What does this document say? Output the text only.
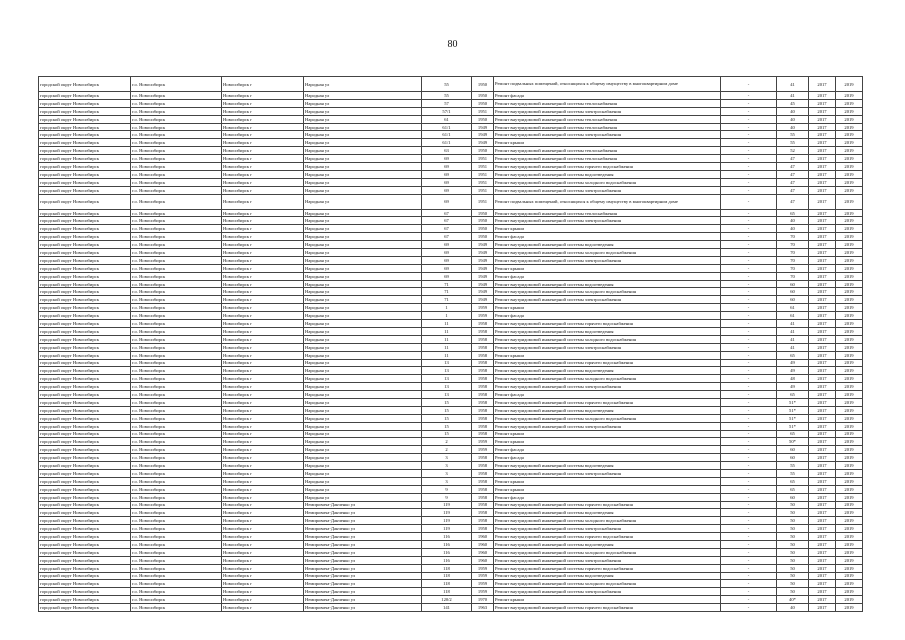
80
городской округ Новосибирск	г.о. Новосибирск	Новосибирск г	Народная ул	55	1950	Ремонт подвальных помещений, относящихся к общему имуществу в многоквартирном доме	-	41	2017	2019
городской округ Новосибирск	г.о. Новосибирск	Новосибирск г	Народная ул	55	1950	Ремонт фасада	-	41	2017	2019
городской округ Новосибирск	г.о. Новосибирск	Новосибирск г	Народная ул	57	1950	Ремонт внутридомовой инженерной системы теплоснабжения	-	45	2017	2019
городской округ Новосибирск	г.о. Новосибирск	Новосибирск г	Народная ул	57/1	1951	Ремонт внутридомовой инженерной системы электроснабжения	-	40	2017	2019
городской округ Новосибирск	г.о. Новосибирск	Новосибирск г	Народная ул	61	1950	Ремонт внутридомовой инженерной системы теплоснабжения	-	40	2017	2019
городской округ Новосибирск	г.о. Новосибирск	Новосибирск г	Народная ул	61/1	1949	Ремонт внутридомовой инженерной системы теплоснабжения	-	40	2017	2019
городской округ Новосибирск	г.о. Новосибирск	Новосибирск г	Народная ул	61/1	1949	Ремонт внутридомовой инженерной системы электроснабжения	-	55	2017	2019
городской округ Новосибирск	г.о. Новосибирск	Новосибирск г	Народная ул	61/1	1949	Ремонт крыши	-	55	2017	2019
городской округ Новосибирск	г.о. Новосибирск	Новосибирск г	Народная ул	63	1950	Ремонт внутридомовой инженерной системы теплоснабжения	-	52	2017	2019
городской округ Новосибирск	г.о. Новосибирск	Новосибирск г	Народная ул	69	1951	Ремонт внутридомовой инженерной системы теплоснабжения	-	47	2017	2019
городской округ Новосибирск	г.о. Новосибирск	Новосибирск г	Народная ул	69	1951	Ремонт внутридомовой инженерной системы горячего водоснабжения	-	47	2017	2019
городской округ Новосибирск	г.о. Новосибирск	Новосибирск г	Народная ул	69	1951	Ремонт внутридомовой инженерной системы водоотведения	-	47	2017	2019
городской округ Новосибирск	г.о. Новосибирск	Новосибирск г	Народная ул	69	1951	Ремонт внутридомовой инженерной системы холодного водоснабжения	-	47	2017	2019
городской округ Новосибирск	г.о. Новосибирск	Новосибирск г	Народная ул	69	1951	Ремонт внутридомовой инженерной системы электроснабжения	-	47	2017	2019
городской округ Новосибирск	г.о. Новосибирск	Новосибирск г	Народная ул	69	1951	Ремонт подвальных помещений, относящихся к общему имуществу в многоквартирном доме	-	47	2017	2019
городской округ Новосибирск	г.о. Новосибирск	Новосибирск г	Народная ул	67	1950	Ремонт внутридомовой инженерной системы теплоснабжения	-	65	2017	2019
городской округ Новосибирск	г.о. Новосибирск	Новосибирск г	Народная ул	67	1950	Ремонт внутридомовой инженерной системы электроснабжения	-	40	2017	2019
городской округ Новосибирск	г.о. Новосибирск	Новосибирск г	Народная ул	67	1950	Ремонт крыши	-	40	2017	2019
городской округ Новосибирск	г.о. Новосибирск	Новосибирск г	Народная ул	67	1950	Ремонт фасада	-	70	2017	2019
городской округ Новосибирск	г.о. Новосибирск	Новосибирск г	Народная ул	69	1949	Ремонт внутридомовой инженерной системы водоотведения	-	70	2017	2019
городской округ Новосибирск	г.о. Новосибирск	Новосибирск г	Народная ул	69	1949	Ремонт внутридомовой инженерной системы холодного водоснабжения	-	70	2017	2019
городской округ Новосибирск	г.о. Новосибирск	Новосибирск г	Народная ул	69	1949	Ремонт внутридомовой инженерной системы электроснабжения	-	70	2017	2019
городской округ Новосибирск	г.о. Новосибирск	Новосибирск г	Народная ул	69	1949	Ремонт крыши	-	70	2017	2019
городской округ Новосибирск	г.о. Новосибирск	Новосибирск г	Народная ул	69	1949	Ремонт фасада	-	70	2017	2019
городской округ Новосибирск	г.о. Новосибирск	Новосибирск г	Народная ул	71	1949	Ремонт внутридомовой инженерной системы водоотведения	-	60	2017	2019
городской округ Новосибирск	г.о. Новосибирск	Новосибирск г	Народная ул	71	1949	Ремонт внутридомовой инженерной системы холодного водоснабжения	-	60	2017	2019
городской округ Новосибирск	г.о. Новосибирск	Новосибирск г	Народная ул	71	1949	Ремонт внутридомовой инженерной системы электроснабжения	-	60	2017	2019
городской округ Новосибирск	г.о. Новосибирск	Новосибирск г	Народная ул	1	1959	Ремонт крыши	-	61	2017	2019
городской округ Новосибирск	г.о. Новосибирск	Новосибирск г	Народная ул	1	1959	Ремонт фасада	-	61	2017	2019
городской округ Новосибирск	г.о. Новосибирск	Новосибирск г	Народная ул	11	1958	Ремонт внутридомовой инженерной системы горячего водоснабжения	-	41	2017	2019
городской округ Новосибирск	г.о. Новосибирск	Новосибирск г	Народная ул	11	1958	Ремонт внутридомовой инженерной системы водоотведения	-	41	2017	2019
городской округ Новосибирск	г.о. Новосибирск	Новосибирск г	Народная ул	11	1958	Ремонт внутридомовой инженерной системы холодного водоснабжения	-	41	2017	2019
городской округ Новосибирск	г.о. Новосибирск	Новосибирск г	Народная ул	11	1958	Ремонт внутридомовой инженерной системы электроснабжения	-	41	2017	2019
городской округ Новосибирск	г.о. Новосибирск	Новосибирск г	Народная ул	11	1958	Ремонт крыши	-	65	2017	2019
городской округ Новосибирск	г.о. Новосибирск	Новосибирск г	Народная ул	13	1958	Ремонт внутридомовой инженерной системы горячего водоснабжения	-	49	2017	2019
городской округ Новосибирск	г.о. Новосибирск	Новосибирск г	Народная ул	13	1958	Ремонт внутридомовой инженерной системы водоотведения	-	49	2017	2019
городской округ Новосибирск	г.о. Новосибирск	Новосибирск г	Народная ул	13	1958	Ремонт внутридомовой инженерной системы холодного водоснабжения	-	48	2017	2019
городской округ Новосибирск	г.о. Новосибирск	Новосибирск г	Народная ул	13	1958	Ремонт внутридомовой инженерной системы электроснабжения	-	49	2017	2019
городской округ Новосибирск	г.о. Новосибирск	Новосибирск г	Народная ул	13	1958	Ремонт фасада	-	65	2017	2019
городской округ Новосибирск	г.о. Новосибирск	Новосибирск г	Народная ул	15	1958	Ремонт внутридомовой инженерной системы горячего водоснабжения	-	51*	2017	2019
городской округ Новосибирск	г.о. Новосибирск	Новосибирск г	Народная ул	15	1958	Ремонт внутридомовой инженерной системы водоотведения	-	51*	2017	2019
городской округ Новосибирск	г.о. Новосибирск	Новосибирск г	Народная ул	15	1958	Ремонт внутридомовой инженерной системы холодного водоснабжения	-	51*	2017	2019
городской округ Новосибирск	г.о. Новосибирск	Новосибирск г	Народная ул	15	1958	Ремонт внутридомовой инженерной системы электроснабжения	-	51*	2017	2019
городской округ Новосибирск	г.о. Новосибирск	Новосибирск г	Народная ул	15	1958	Ремонт крыши	-	65	2017	2019
городской округ Новосибирск	г.о. Новосибирск	Новосибирск г	Народная ул	2	1959	Ремонт крыши	-	50*	2017	2019
городской округ Новосибирск	г.о. Новосибирск	Новосибирск г	Народная ул	2	1959	Ремонт фасада	-	60	2017	2019
городской округ Новосибирск	г.о. Новосибирск	Новосибирск г	Народная ул	3	1958	Ремонт фасада	-	60	2017	2019
городской округ Новосибирск	г.о. Новосибирск	Новосибирск г	Народная ул	3	1958	Ремонт внутридомовой инженерной системы водоотведения	-	55	2017	2019
городской округ Новосибирск	г.о. Новосибирск	Новосибирск г	Народная ул	3	1958	Ремонт внутридомовой инженерной системы электроснабжения	-	55	2017	2019
городской округ Новосибирск	г.о. Новосибирск	Новосибирск г	Народная ул	3	1958	Ремонт крыши	-	65	2017	2019
городской округ Новосибирск	г.о. Новосибирск	Новосибирск г	Народная ул	9	1958	Ремонт крыши	-	65	2017	2019
городской округ Новосибирск	г.о. Новосибирск	Новосибирск г	Народная ул	9	1958	Ремонт фасада	-	60	2017	2019
городской округ Новосибирск	г.о. Новосибирск	Новосибирск г	Немировича-Данченко ул	119	1958	Ремонт внутридомовой инженерной системы горячего водоснабжения	-	50	2017	2019
городской округ Новосибирск	г.о. Новосибирск	Новосибирск г	Немировича-Данченко ул	119	1958	Ремонт внутридомовой инженерной системы водоотведения	-	50	2017	2019
городской округ Новосибирск	г.о. Новосибирск	Новосибирск г	Немировича-Данченко ул	119	1958	Ремонт внутридомовой инженерной системы холодного водоснабжения	-	50	2017	2019
городской округ Новосибирск	г.о. Новосибирск	Новосибирск г	Немировича-Данченко ул	119	1958	Ремонт внутридомовой инженерной системы электроснабжения	-	50	2017	2019
городской округ Новосибирск	г.о. Новосибирск	Новосибирск г	Немировича-Данченко ул	116	1960	Ремонт внутридомовой инженерной системы горячего водоснабжения	-	50	2017	2019
городской округ Новосибирск	г.о. Новосибирск	Новосибирск г	Немировича-Данченко ул	116	1960	Ремонт внутридомовой инженерной системы водоотведения	-	50	2017	2019
городской округ Новосибирск	г.о. Новосибирск	Новосибирск г	Немировича-Данченко ул	116	1960	Ремонт внутридомовой инженерной системы холодного водоснабжения	-	50	2017	2019
городской округ Новосибирск	г.о. Новосибирск	Новосибирск г	Немировича-Данченко ул	116	1960	Ремонт внутридомовой инженерной системы электроснабжения	-	50	2017	2019
городской округ Новосибирск	г.о. Новосибирск	Новосибирск г	Немировича-Данченко ул	118	1959	Ремонт внутридомовой инженерной системы горячего водоснабжения	-	50	2017	2019
городской округ Новосибирск	г.о. Новосибирск	Новосибирск г	Немировича-Данченко ул	118	1959	Ремонт внутридомовой инженерной системы водоотведения	-	50	2017	2019
городской округ Новосибирск	г.о. Новосибирск	Новосибирск г	Немировича-Данченко ул	118	1959	Ремонт внутридомовой инженерной системы холодного водоснабжения	-	50	2017	2019
городской округ Новосибирск	г.о. Новосибирск	Новосибирск г	Немировича-Данченко ул	118	1959	Ремонт внутридомовой инженерной системы электроснабжения	-	50	2017	2019
городской округ Новосибирск	г.о. Новосибирск	Новосибирск г	Немировича-Данченко ул	120/2	1970	Ремонт крыши	-	40*	2017	2019
городской округ Новосибирск	г.о. Новосибирск	Новосибирск г	Немировича-Данченко ул	141	1963	Ремонт внутридомовой инженерной системы горячего водоснабжения	-	40	2017	2019
